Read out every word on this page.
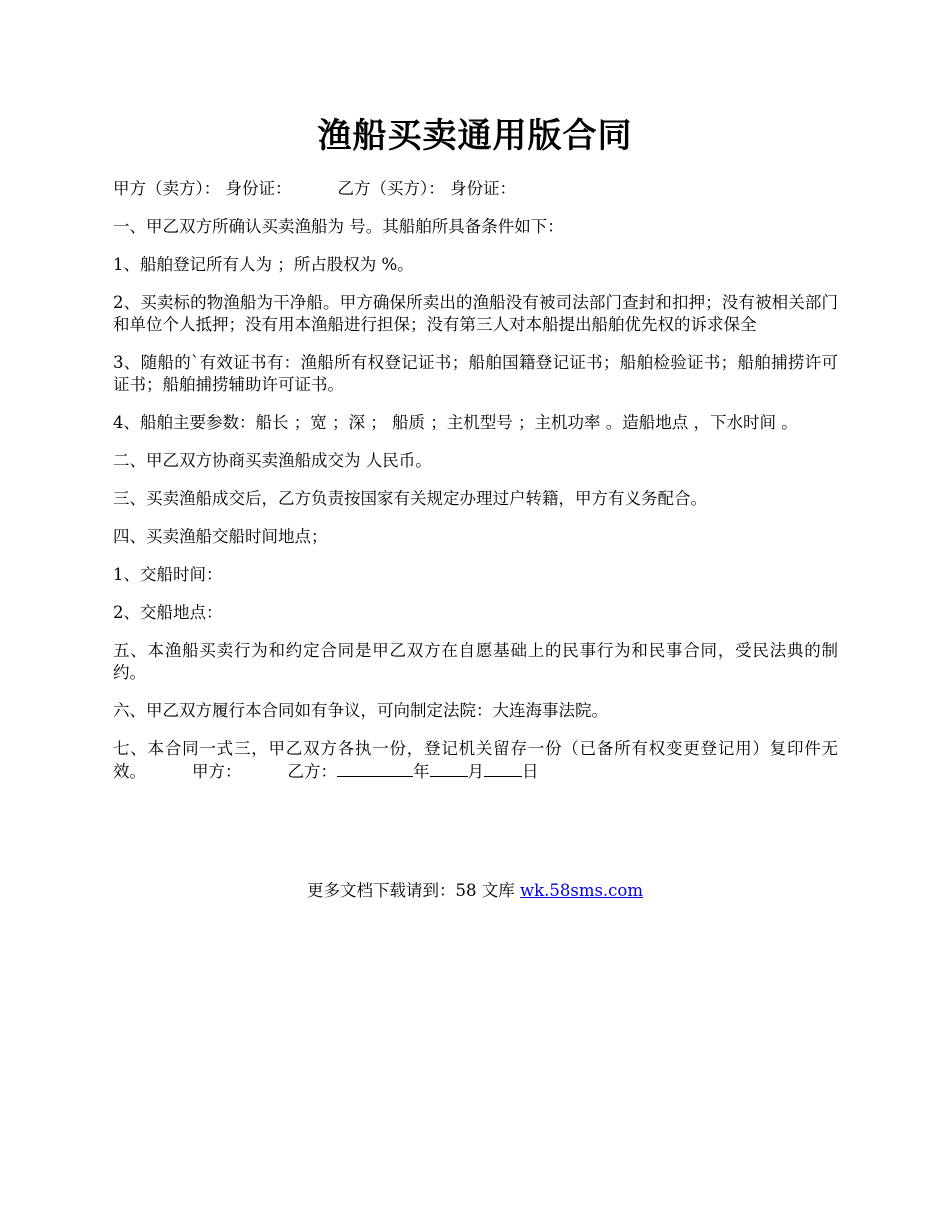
渔船买卖通用版合同

甲方（卖方）： 身份证：	乙方（买方）： 身份证：

一、甲乙双方所确认买卖渔船为 号。其船舶所具备条件如下：

1、船舶登记所有人为 ；所占股权为 %。

2、买卖标的物渔船为干净船。甲方确保所卖出的渔船没有被司法部门查封和扣押；没有被相关部门和单位个人抵押；没有用本渔船进行担保；没有第三人对本船提出船舶优先权的诉求保全

3、随船的`有效证书有：渔船所有权登记证书；船舶国籍登记证书；船舶检验证书；船舶捕捞许可证书；船舶捕捞辅助许可证书。

4、船舶主要参数：船长 ；宽 ；深 ； 船质 ；主机型号 ；主机功率 。造船地点 ，下水时间 。

二、甲乙双方协商买卖渔船成交为 人民币。

三、买卖渔船成交后，乙方负责按国家有关规定办理过户转籍，甲方有义务配合。

四、买卖渔船交船时间地点；

1、交船时间：

2、交船地点：

五、本渔船买卖行为和约定合同是甲乙双方在自愿基础上的民事行为和民事合同，受民法典的制约。

六、甲乙双方履行本合同如有争议，可向制定法院：大连海事法院。

七、本合同一式三，甲乙双方各执一份，登记机关留存一份（已备所有权变更登记用）复印件无效。	甲方：	乙方：	年 月 日

更多文档下载请到：58 文库 wk.58sms.com
